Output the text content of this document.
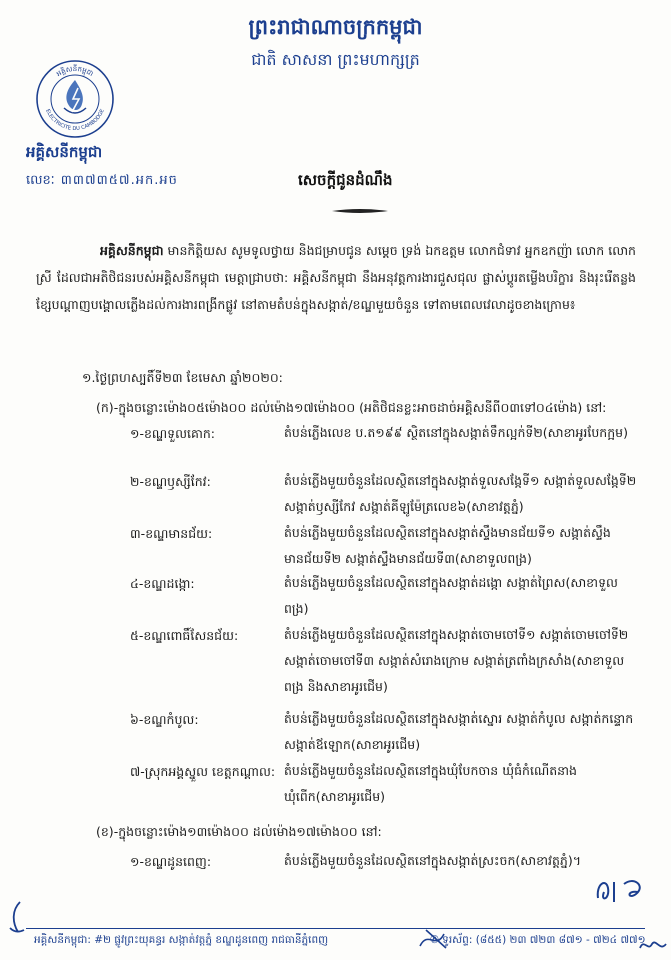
ព្រះរាជាណាចក្រកម្ពុជា
ជាតិ សាសនា ព្រះមហាក្សត្រ
អគ្គិសនីកម្ពុជា
ELECTRICITE DU CAMBODGE
អគ្គិសនីកម្ពុជា
លេខៈ ៣៣៧៣៥៧.អក.អច	សេចក្តីជូនដំណឹង
អគ្គិសនីកម្ពុជា មានកិត្តិយស សូមទូលថ្វាយ និងជម្រាបជូន សម្តេច ទ្រង់ ឯកឧត្តម លោកជំទាវ អ្នកឧកញ៉ា លោក លោកស្រី ដែលជាអតិថិជនរបស់អគ្គិសនីកម្ពុជា មេត្តាជ្រាបថា: អគ្គិសនីកម្ពុជា នឹងអនុវត្តការងារជួសជុល ផ្លាស់ប្តូរតម្លើងបរិក្ខារ និងរុះរើតន្លងខ្សែបណ្តាញបង្គោលភ្លើងដល់ការងារពង្រីកផ្លូវ នៅតាមតំបន់ក្នុងសង្កាត់/ខណ្ឌមួយចំនួន ទៅតាមពេលវេលាដូចខាងក្រោម៖
១.ថ្ងៃព្រហស្បតិ៍ទី២៣ ខែមេសា ឆ្នាំ២០២០:
(ក)-ក្នុងចន្លោះម៉ោង០៥ម៉ោង០០ ដល់ម៉ោង១៧ម៉ោង០០ (អតិថិជនខ្លះអាចដាច់អគ្គិសនីពី០៣ទៅ០៤ម៉ោង) នៅ:
១-ខណ្ឌទួលគោក:	តំបន់ភ្លើងលេខ ប.ត១៩៩ ស្ថិតនៅក្នុងសង្កាត់ទឹកល្អក់ទី២(សាខាអូរបែកក្អម)
២-ខណ្ឌឫស្សីកែវ:	តំបន់ភ្លើងមួយចំនួនដែលស្ថិតនៅក្នុងសង្កាត់ទួលសង្កែទី១ សង្កាត់ទួលសង្កែទី២ សង្កាត់ឫស្សីកែវ សង្កាត់គីឡូម៉ែត្រលេខ៦(សាខាវត្តភ្នំ)
៣-ខណ្ឌមានជ័យ:	តំបន់ភ្លើងមួយចំនួនដែលស្ថិតនៅក្នុងសង្កាត់ស្ទឹងមានជ័យទី១ សង្កាត់ស្ទឹងមានជ័យទី២ សង្កាត់ស្ទឹងមានជ័យទី៣(សាខាទួលពង្រ)
៤-ខណ្ឌដង្កោ:	តំបន់ភ្លើងមួយចំនួនដែលស្ថិតនៅក្នុងសង្កាត់ដង្កោ សង្កាត់ព្រៃស(សាខាទួលពង្រ)
៥-ខណ្ឌពោធិ៍សែនជ័យ:	តំបន់ភ្លើងមួយចំនួនដែលស្ថិតនៅក្នុងសង្កាត់ចោមចៅទី១ សង្កាត់ចោមចៅទី២ សង្កាត់ចោមចៅទី៣ សង្កាត់សំរោងក្រោម សង្កាត់ត្រពាំងក្រសាំង(សាខាទួលពង្រ និងសាខាអូរជើម)
៦-ខណ្ឌកំបូល:	តំបន់ភ្លើងមួយចំនួនដែលស្ថិតនៅក្នុងសង្កាត់ស្នោរ សង្កាត់កំបូល សង្កាត់កន្ទោក សង្កាត់ឪឡោក(សាខាអូរជើម)
៧-ស្រុកអង្គស្នួល ខេត្តកណ្តាល: តំបន់ភ្លើងមួយចំនួនដែលស្ថិតនៅក្នុងឃុំបែកចាន ឃុំធំកំណើតនាង ឃុំពើក(សាខាអូរជើម)
(ខ)-ក្នុងចន្លោះម៉ោង១៣ម៉ោង០០ ដល់ម៉ោង១៧ម៉ោង០០ នៅ:
១-ខណ្ឌដូនពេញ:	តំបន់ភ្លើងមួយចំនួនដែលស្ថិតនៅក្នុងសង្កាត់ស្រះចក(សាខាវត្តភ្នំ)។
អគ្គិសនីកម្ពុជា: #២ ផ្លូវព្រះយុគន្ធរ សង្កាត់វត្តភ្នំ ខណ្ឌដូនពេញ រាជធានីភ្នំពេញ	✆ ទូរស័ព្ទ: (៨៥៥) ២៣ ៧២៣ ៨៧១ - ៧២៤ ៧៧១
